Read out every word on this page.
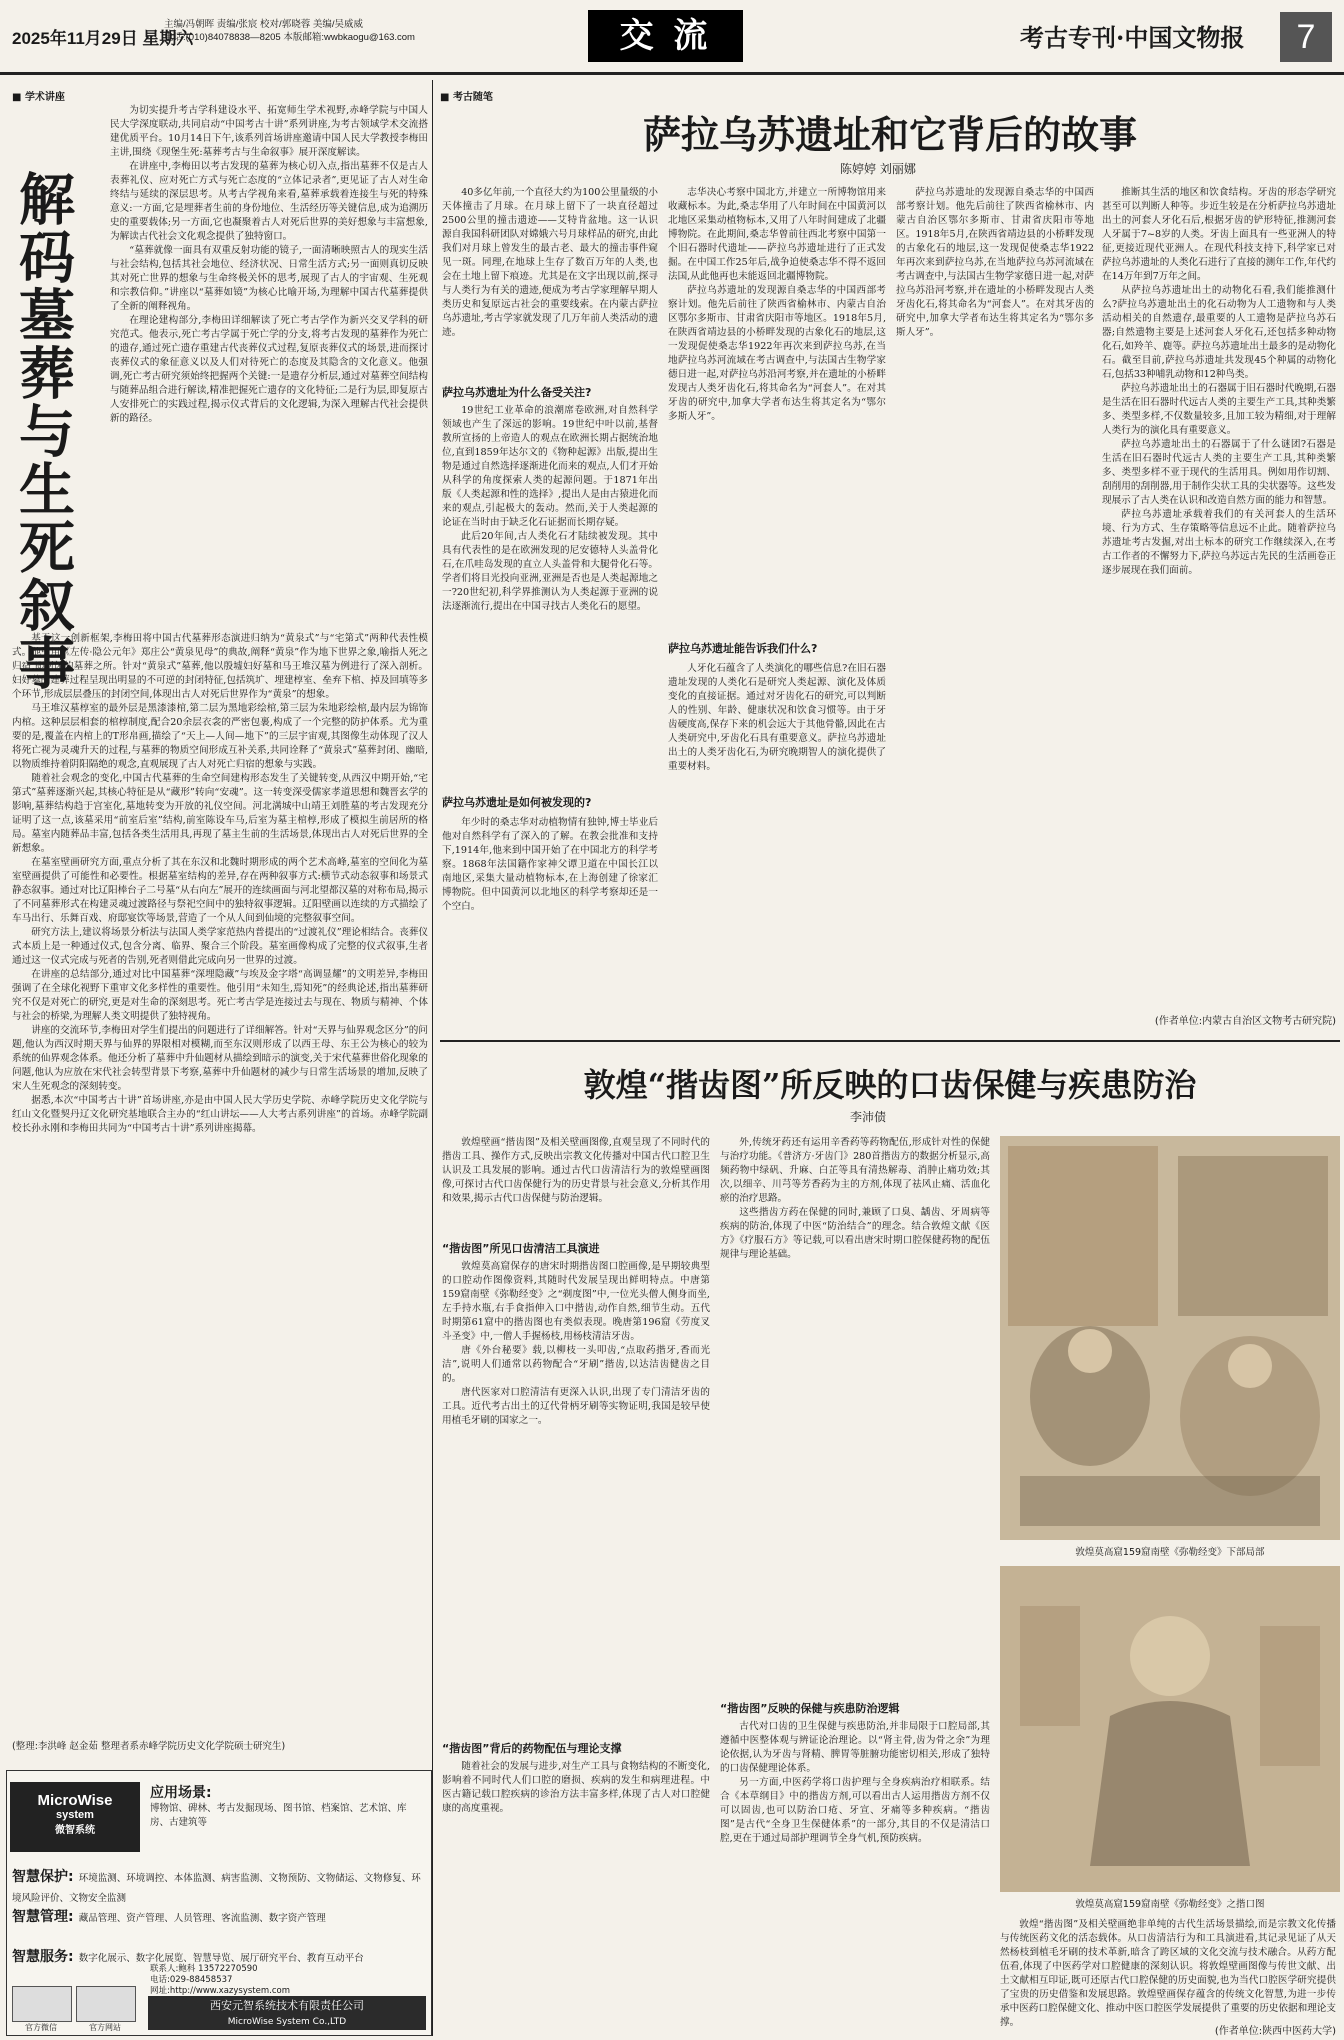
2025年11月29日 星期六
主编/冯朝晖 责编/张宸 校对/郭晓蓉 美编/吴威威
电话:(010)84078838—8205 本版邮箱:wwbkaogu@163.com	交 流	考古专刊·中国文物报	7
■ 学术讲座
解码墓葬与生死叙事

为切实提升考古学科建设水平、拓宽师生学术视野,赤峰学院与中国人民大学深度联动,共同启动“中国考古十讲”系列讲座,为考古领域学术交流搭建优质平台。10月14日下午,该系列首场讲座邀请中国人民大学教授李梅田主讲,围绕《现堡生死:墓葬考古与生命叙事》展开深度解读。

在讲座中,李梅田以考古发现的墓葬为核心切入点,指出墓葬不仅是古人表葬礼仪、应对死亡方式与死亡态度的“立体记录者”,更见证了古人对生命终结与延续的深层思考。从考古学视角来看,墓葬承载着连接生与死的特殊意义:一方面,它是埋葬者生前的身份地位、生活经历等关键信息,成为追溯历史的重要载体;另一方面,它也凝聚着古人对死后世界的美好想象与丰富想象,为解读古代社会文化观念提供了独特窗口。

“墓葬就像一面具有双重反射功能的镜子,一面清晰映照古人的现实生活与社会结构,包括其社会地位、经济状况、日常生活方式;另一面则真切反映其对死亡世界的想象与生命终极关怀的思考,展现了古人的宇宙观、生死观和宗教信仰。”讲座以“墓葬如镜”为核心比喻开场,为理解中国古代墓葬提供了全新的阐释视角。

在理论建构部分,李梅田详细解读了死亡考古学作为新兴交叉学科的研究范式。他表示,死亡考古学属于死亡学的分支,将考古发现的墓葬作为死亡的遗存,通过死亡遗存重建古代丧葬仪式过程,复原丧葬仪式的场景,进而探讨丧葬仪式的象征意义以及人们对待死亡的态度及其隐含的文化意义。他强调,死亡考古研究须始终把握两个关键:一是遗存分析层,通过对墓葬空间结构与随葬品组合进行解读,精准把握死亡遗存的文化特征;二是行为层,即复原古人安排死亡的实践过程,揭示仪式背后的文化逻辑,为深入理解古代社会提供新的路径。

基于这一创新框架,李梅田将中国古代墓葬形态演进归纳为“黄泉式”与“宅第式”两种代表性模式。他引用《左传·隐公元年》郑庄公“黄泉见母”的典故,阐释“黄泉”作为地下世界之象,喻指人死之归宿,即封闭的墓葬之所。针对“黄泉式”墓葬,他以殷墟妇好墓和马王堆汉墓为例进行了深入剖析。妇好墓的建葬过程呈现出明显的不可逆的封闭特征,包括筑圹、埋建椁室、垒弃下棺、掉及回填等多个环节,形成层层叠压的封闭空间,体现出古人对死后世界作为“黄泉”的想象。

马王堆汉墓椁室的最外层是黑漆漆棺,第二层为黑地彩绘棺,第三层为朱地彩绘棺,最内层为锦饰内棺。这种层层相套的棺椁制度,配合20余层衣衾的严密包裹,构成了一个完整的防护体系。尤为重要的是,覆盖在内棺上的T形帛画,描绘了“天上—人间—地下”的三层宇宙观,其图像生动体现了汉人将死亡视为灵魂升天的过程,与墓葬的物质空间形成互补关系,共同诠释了“黄泉式”墓葬封闭、幽暗,以物质维持着阴阳隔绝的观念,直观展现了古人对死亡归宿的想象与实践。

随着社会观念的变化,中国古代墓葬的生命空间建构形态发生了关键转变,从西汉中期开始,“宅第式”墓葬逐渐兴起,其核心特征是从“藏形”转向“安魂”。这一转变深受儒家孝道思想和魏晋玄学的影响,墓葬结构趋于宫室化,墓地转变为开放的礼仪空间。河北满城中山靖王刘胜墓的考古发现充分证明了这一点,该墓采用“前室后室”结构,前室陈设车马,后室为墓主棺椁,形成了模拟生前居所的格局。墓室内随葬品丰富,包括各类生活用具,再现了墓主生前的生活场景,体现出古人对死后世界的全新想象。

在墓室壁画研究方面,重点分析了其在东汉和北魏时期形成的两个艺术高峰,墓室的空间化为墓室壁画提供了可能性和必要性。根据墓室结构的差异,存在两种叙事方式:横节式动态叙事和场景式静态叙事。通过对比辽阳棒台子二号墓“从右向左”展开的连续画面与河北望都汉墓的对称布局,揭示了不同墓葬形式在构建灵魂过渡路径与祭祀空间中的独特叙事逻辑。辽阳壁画以连续的方式描绘了车马出行、乐舞百戏、府邸宴饮等场景,营造了一个从人间到仙境的完整叙事空间。

研究方法上,建议将场景分析法与法国人类学家范热内普提出的“过渡礼仪”理论相结合。丧葬仪式本质上是一种通过仪式,包含分离、临界、聚合三个阶段。墓室画像构成了完整的仪式叙事,生者通过这一仪式完成与死者的告别,死者则借此完成向另一世界的过渡。

在讲座的总结部分,通过对比中国墓葬“深埋隐藏”与埃及金字塔“高调显耀”的文明差异,李梅田强调了在全球化视野下重审文化多样性的重要性。他引用“未知生,焉知死”的经典论述,指出墓葬研究不仅是对死亡的研究,更是对生命的深刻思考。死亡考古学是连接过去与现在、物质与精神、个体与社会的桥梁,为理解人类文明提供了独特视角。

讲座的交流环节,李梅田对学生们提出的问题进行了详细解答。针对“天界与仙界观念区分”的问题,他认为西汉时期天界与仙界的界限相对模糊,而至东汉则形成了以西王母、东王公为核心的较为系统的仙界观念体系。他还分析了墓葬中升仙题材从描绘到暗示的演变,关于宋代墓葬世俗化现象的问题,他认为应放在宋代社会转型背景下考察,墓葬中升仙题材的减少与日常生活场景的增加,反映了宋人生死观念的深刻转变。

据悉,本次“中国考古十讲”首场讲座,亦是由中国人民大学历史学院、赤峰学院历史文化学院与红山文化暨契丹辽文化研究基地联合主办的“红山讲坛——人大考古系列讲座”的首场。赤峰学院副校长孙永刚和李梅田共同为“中国考古十讲”系列讲座揭幕。

(整理:李洪峰 赵金茹 整理者系赤峰学院历史文化学院硕士研究生)
MicroWise
system
微智系统
应用场景:
博物馆、碑林、考古发掘现场、图书馆、档案馆、艺术馆、库房、古建筑等
智慧保护: 环境监测、环境调控、本体监测、病害监测、文物预防、文物储运、文物修复、环境风险评价、文物安全监测
智慧管理: 藏品管理、资产管理、人员管理、客流监测、数字资产管理
智慧服务: 数字化展示、数字化展览、智慧导览、展厅研究平台、教育互动平台
官方微信	官方网站
联系人:鲍科 13572270590
电话:029-88458537
网址:http://www.xazysystem.com
西安元智系统技术有限责任公司
MicroWise System Co.,LTD
■ 考古随笔
萨拉乌苏遗址和它背后的故事
陈婷婷 刘丽娜

40多亿年前,一个直径大约为100公里量级的小天体撞击了月球。在月球上留下了一块直径超过2500公里的撞击遗迹——艾特肯盆地。这一认识源自我国科研团队对嫦娥六号月球样品的研究,由此我们对月球上曾发生的最古老、最大的撞击事件窥见一斑。同理,在地球上生存了数百万年的人类,也会在土地上留下痕迹。尤其是在文字出现以前,探寻与人类行为有关的遗迹,便成为考古学家理解早期人类历史和复原远古社会的重要线索。在内蒙古萨拉乌苏遗址,考古学家就发现了几万年前人类活动的遗迹。

萨拉乌苏遗址为什么备受关注?

19世纪工业革命的浪潮席卷欧洲,对自然科学领域也产生了深远的影响。19世纪中叶以前,基督教所宣扬的上帝造人的观点在欧洲长期占据统治地位,直到1859年达尔文的《物种起源》出版,提出生物是通过自然选择逐渐进化而来的观点,人们才开始从科学的角度探索人类的起源问题。于1871年出版《人类起源和性的选择》,提出人是由古猿进化而来的观点,引起极大的轰动。然而,关于人类起源的论证在当时由于缺乏化石证据而长期存疑。

此后20年间,古人类化石才陆续被发现。其中具有代表性的是在欧洲发现的尼安德特人头盖骨化石,在爪哇岛发现的直立人头盖骨和大腿骨化石等。学者们将目光投向亚洲,亚洲是否也是人类起源地之一?20世纪初,科学界推测认为人类起源于亚洲的说法逐渐流行,提出在中国寻找古人类化石的愿望。

萨拉乌苏遗址是如何被发现的?

年少时的桑志华对动植物情有独钟,博士毕业后他对自然科学有了深入的了解。在教会批准和支持下,1914年,他来到中国开始了在中国北方的科学考察。1868年法国籍作家神父谭卫道在中国长江以南地区,采集大量动植物标本,在上海创建了徐家汇博物院。但中国黄河以北地区的科学考察却还是一个空白。

志华决心考察中国北方,并建立一所博物馆用来收藏标本。为此,桑志华用了八年时间在中国黄河以北地区采集动植物标本,又用了八年时间建成了北疆博物院。在此期间,桑志华曾前往西北考察中国第一个旧石器时代遗址——萨拉乌苏遗址进行了正式发掘。在中国工作25年后,战争迫使桑志华不得不返回法国,从此他再也未能返回北疆博物院。

萨拉乌苏遗址的发现源自桑志华的中国西部考察计划。他先后前往了陕西省榆林市、内蒙古自治区鄂尔多斯市、甘肃省庆阳市等地区。1918年5月,在陕西省靖边县的小桥畔发现的古象化石的地层,这一发现促使桑志华1922年再次来到萨拉乌苏,在当地萨拉乌苏河流域在考古调查中,与法国古生物学家德日进一起,对萨拉乌苏沿河考察,并在遗址的小桥畔发现古人类牙齿化石,将其命名为“河套人”。在对其牙齿的研究中,加拿大学者布达生将其定名为“鄂尔多斯人牙”。

萨拉乌苏遗址能告诉我们什么?

人牙化石蕴含了人类演化的哪些信息?在旧石器遗址发现的人类化石是研究人类起源、演化及体质变化的直接证据。通过对牙齿化石的研究,可以判断人的性别、年龄、健康状况和饮食习惯等。由于牙齿硬度高,保存下来的机会远大于其他骨骼,因此在古人类研究中,牙齿化石具有重要意义。萨拉乌苏遗址出土的人类牙齿化石,为研究晚期智人的演化提供了重要材料。

推断其生活的地区和饮食结构。牙齿的形态学研究甚至可以判断人种等。步近生较是在分析萨拉乌苏遗址出土的河套人牙化石后,根据牙齿的铲形特征,推测河套人牙属于7~8岁的人类。牙齿上面具有一些亚洲人的特征,更接近现代亚洲人。在现代科技支持下,科学家已对萨拉乌苏遗址的人类化石进行了直接的测年工作,年代约在14万年到7万年之间。

从萨拉乌苏遗址出土的动物化石看,我们能推测什么?萨拉乌苏遗址出土的化石动物为人工遗物和与人类活动相关的自然遗存,最重要的人工遗物是萨拉乌苏石器;自然遗物主要是上述河套人牙化石,还包括多种动物化石,如羚羊、鹿等。萨拉乌苏遗址出土最多的是动物化石。截至目前,萨拉乌苏遗址共发现45个种属的动物化石,包括33种哺乳动物和12种鸟类。

萨拉乌苏遗址出土的石器属于旧石器时代晚期,石器是生活在旧石器时代远古人类的主要生产工具,其种类繁多、类型多样,不仅数量较多,且加工较为精细,对于理解人类行为的演化具有重要意义。

萨拉乌苏遗址出土的石器属于了什么谜团?石器是生活在旧石器时代远古人类的主要生产工具,其种类繁多、类型多样不亚于现代的生活用具。例如用作切割、刮削用的刮削器,用于制作尖状工具的尖状器等。这些发现展示了古人类在认识和改造自然方面的能力和智慧。

萨拉乌苏遗址承载着我们的有关河套人的生活环境、行为方式、生存策略等信息远不止此。随着萨拉乌苏遗址考古发掘,对出土标本的研究工作继续深入,在考古工作者的不懈努力下,萨拉乌苏远古先民的生活画卷正逐步展现在我们面前。

萨拉乌苏遗址的发现源自桑志华的中国西部考察计划。他先后前往了陕西省榆林市、内蒙古自治区鄂尔多斯市、甘肃省庆阳市等地区。1918年5月,在陕西省靖边县的小桥畔发现的古象化石的地层,这一发现促使桑志华1922年再次来到萨拉乌苏,在当地萨拉乌苏河流域在考古调查中,与法国古生物学家德日进一起,对萨拉乌苏沿河考察,并在遗址的小桥畔发现古人类牙齿化石,将其命名为“河套人”。在对其牙齿的研究中,加拿大学者布达生将其定名为“鄂尔多斯人牙”。

(作者单位:内蒙古自治区文物考古研究院)
敦煌“揩齿图”所反映的口齿保健与疾患防治
李沛债

敦煌壁画“揩齿图”及相关壁画图像,直观呈现了不同时代的揩齿工具、操作方式,反映出宗教文化传播对中国古代口腔卫生认识及工具发展的影响。通过古代口齿清洁行为的敦煌壁画图像,可探讨古代口齿保健行为的历史背景与社会意义,分析其作用和效果,揭示古代口齿保健与防治逻辑。

“揩齿图”所见口齿清洁工具演进

敦煌莫高窟保存的唐宋时期揩齿图口腔画像,是早期较典型的口腔动作图像资料,其随时代发展呈现出鲜明特点。中唐第159窟南壁《弥勒经变》之“剃度图”中,一位光头僧人侧身而坐,左手持水瓶,右手食指伸入口中揩齿,动作自然,细节生动。五代时期第61窟中的揩齿图也有类似表现。晚唐第196窟《劳度叉斗圣变》中,一僧人手握杨枝,用杨枝清洁牙齿。

唐《外台秘要》载,以柳枝一头叩齿,“点取药揩牙,香而光洁”,说明人们通常以药物配合“牙刷”揩齿,以达洁齿健齿之目的。

唐代医家对口腔清洁有更深入认识,出现了专门清洁牙齿的工具。近代考古出土的辽代骨柄牙刷等实物证明,我国是较早使用植毛牙刷的国家之一。

“揩齿图”背后的药物配伍与理论支撑

随着社会的发展与进步,对生产工具与食物结构的不断变化,影响着不同时代人们口腔的磨损、疾病的发生和病理进程。中医古籍记载口腔疾病的诊治方法丰富多样,体现了古人对口腔健康的高度重视。

外,传统牙药还有运用辛香药等药物配伍,形成针对性的保健与治疗功能。《普济方·牙齿门》280首揩齿方的数据分析显示,高频药物中绿矾、升麻、白芷等具有清热解毒、消肿止痛功效;其次,以细辛、川芎等芳香药为主的方剂,体现了祛风止痛、活血化瘀的治疗思路。

这些揩齿方药在保健的同时,兼顾了口臭、龋齿、牙周病等疾病的防治,体现了中医“防治结合”的理念。结合敦煌文献《医方》《疗服石方》等记载,可以看出唐宋时期口腔保健药物的配伍规律与理论基础。

“揩齿图”反映的保健与疾患防治逻辑

古代对口齿的卫生保健与疾患防治,并非局限于口腔局部,其遵循中医整体观与辨证论治理论。以“肾主骨,齿为骨之余”为理论依据,认为牙齿与肾精、脾胃等脏腑功能密切相关,形成了独特的口齿保健理论体系。

另一方面,中医药学将口齿护理与全身疾病治疗相联系。结合《本草纲目》中的揩齿方剂,可以看出古人运用揩齿方剂不仅可以固齿,也可以防治口疮、牙宣、牙痛等多种疾病。“揩齿图”是古代“全身卫生保健体系”的一部分,其目的不仅是清洁口腔,更在于通过局部护理调节全身气机,预防疾病。

敦煌莫高窟159窟南壁《弥勒经变》下部局部
敦煌莫高窟159窟南壁《弥勒经变》之揩口图

敦煌“揩齿图”及相关壁画绝非单纯的古代生活场景描绘,而是宗教文化传播与传统医药文化的活态载体。从口齿清洁行为和工具演进看,其记录见证了从天然杨枝到植毛牙刷的技术革新,暗含了跨区域的文化交流与技术融合。从药方配伍看,体现了中医药学对口腔健康的深刻认识。将敦煌壁画图像与传世文献、出土文献相互印证,既可还原古代口腔保健的历史面貌,也为当代口腔医学研究提供了宝贵的历史借鉴和发展思路。敦煌壁画保存蕴含的传统文化智慧,为进一步传承中医药口腔保健文化、推动中医口腔医学发展提供了重要的历史依据和理论支撑。

(作者单位:陕西中医药大学)
